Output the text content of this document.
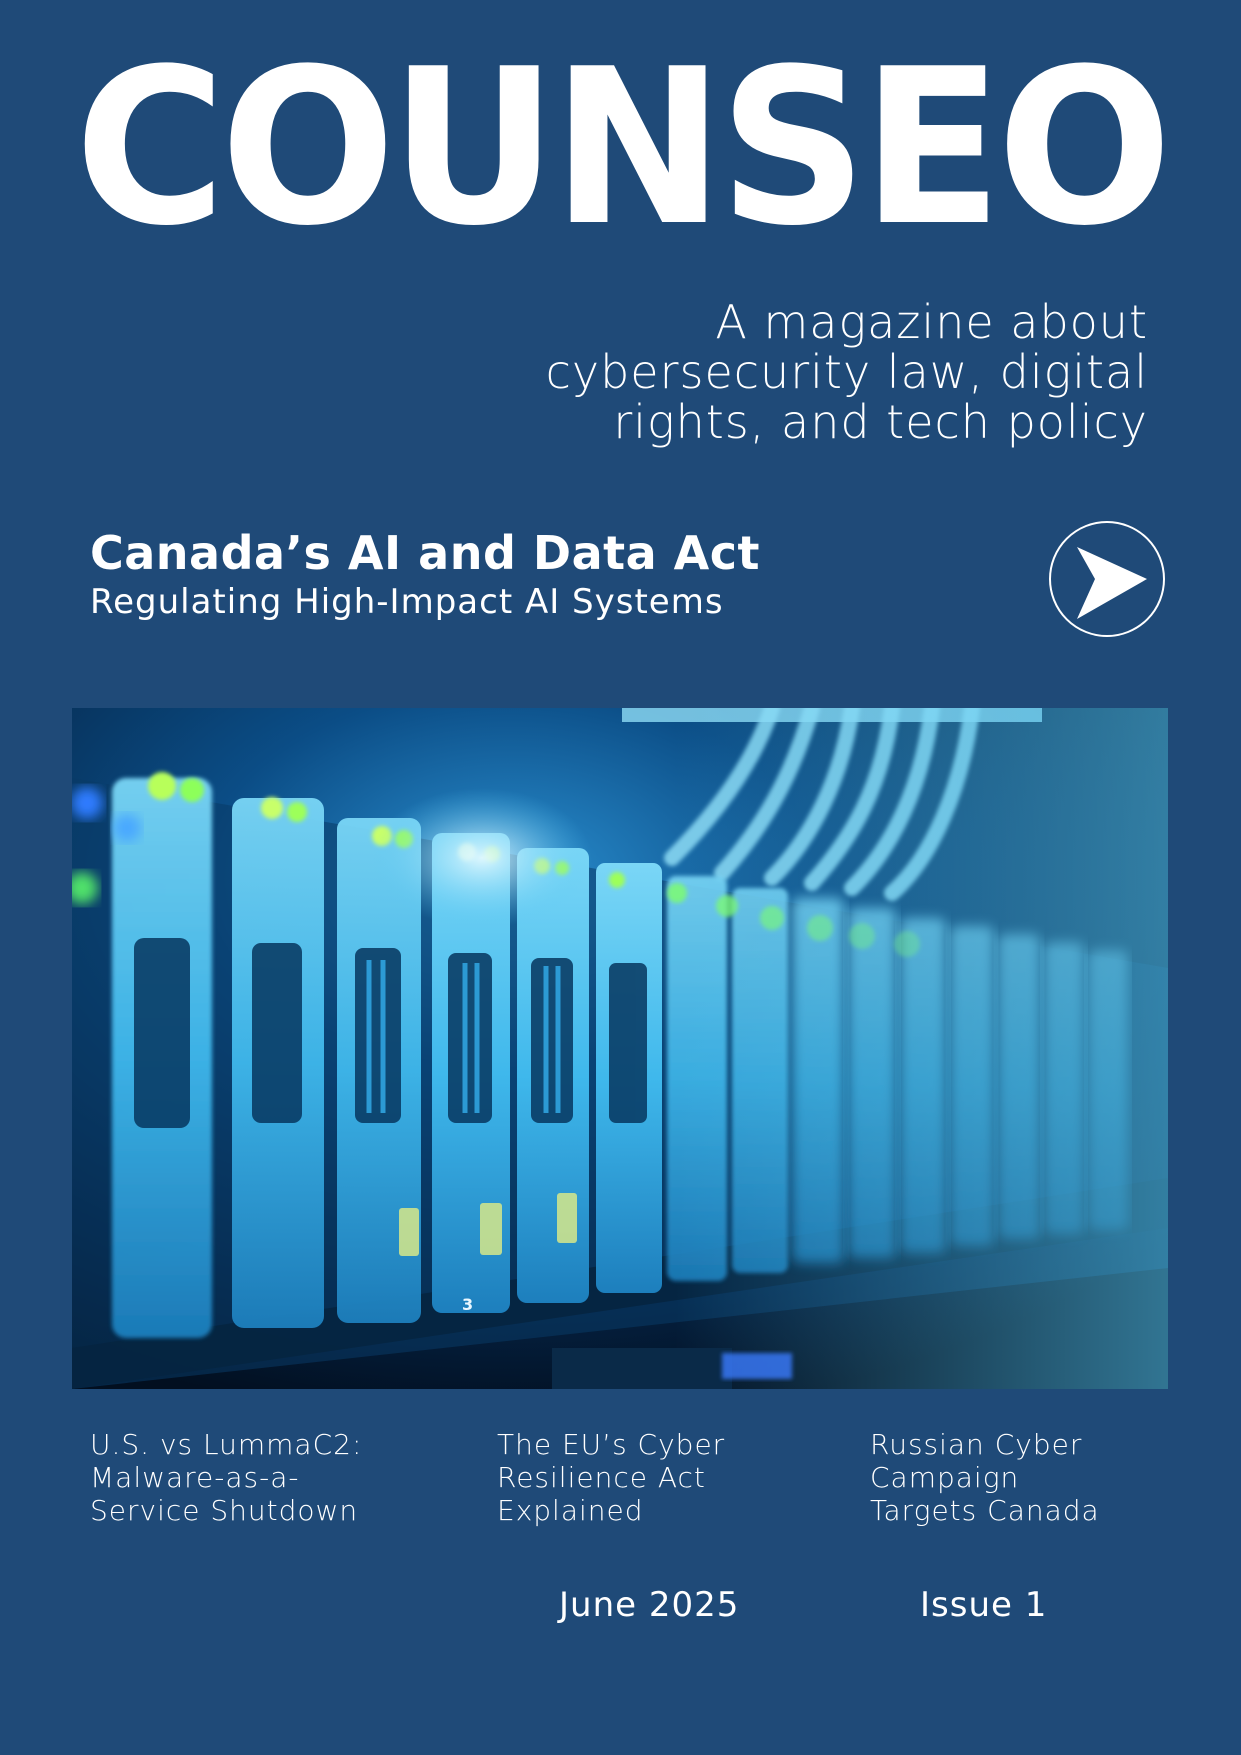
COUNSEO
A magazine about
cybersecurity law, digital
rights, and tech policy
Canada’s AI and Data Act
Regulating High-Impact AI Systems
U.S. vs LummaC2:
Malware-as-a-
Service Shutdown
The EU’s Cyber
Resilience Act
Explained
Russian Cyber
Campaign
Targets Canada
June 2025	Issue 1
